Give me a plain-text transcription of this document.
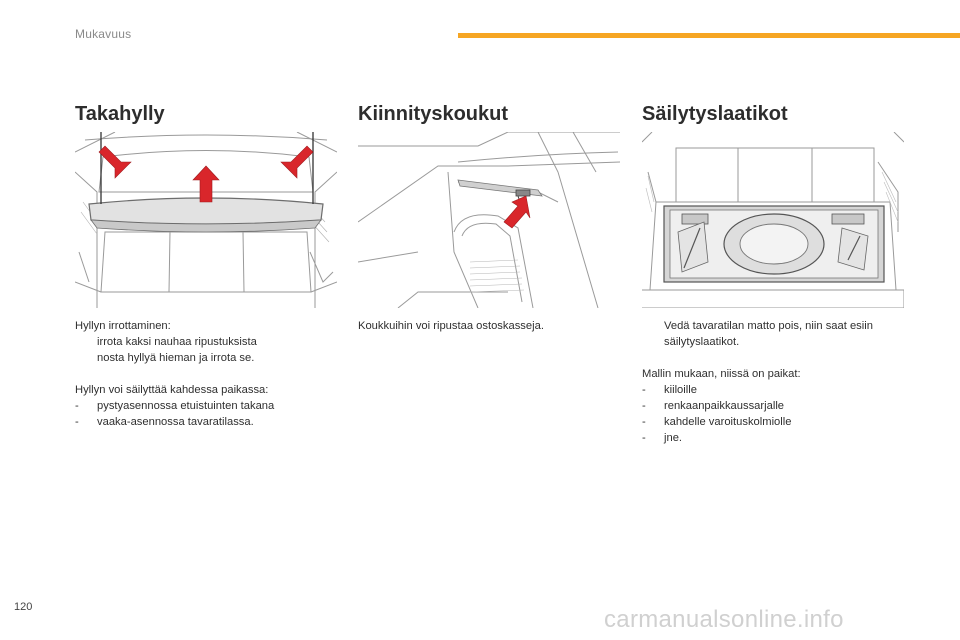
Mukavuus
Takahylly

Hyllyn irrottaminen:

irrota kaksi nauhaa ripustuksista
nosta hyllyä hieman ja irrota se.

Hyllyn voi säilyttää kahdessa paikassa:

-	pystyasennossa etuistuinten takana
-	vaaka-asennossa tavaratilassa.
Kiinnityskoukut

Koukkuihin voi ripustaa ostoskasseja.

Säilytyslaatikot
Vedä tavaratilan matto pois, niin saat esiin
säilytyslaatikot.

Mallin mukaan, niissä on paikat:

-	kiiloille
-	renkaanpaikkaussarjalle
-	kahdelle varoituskolmiolle
-	jne.
120	carmanualsonline.info
